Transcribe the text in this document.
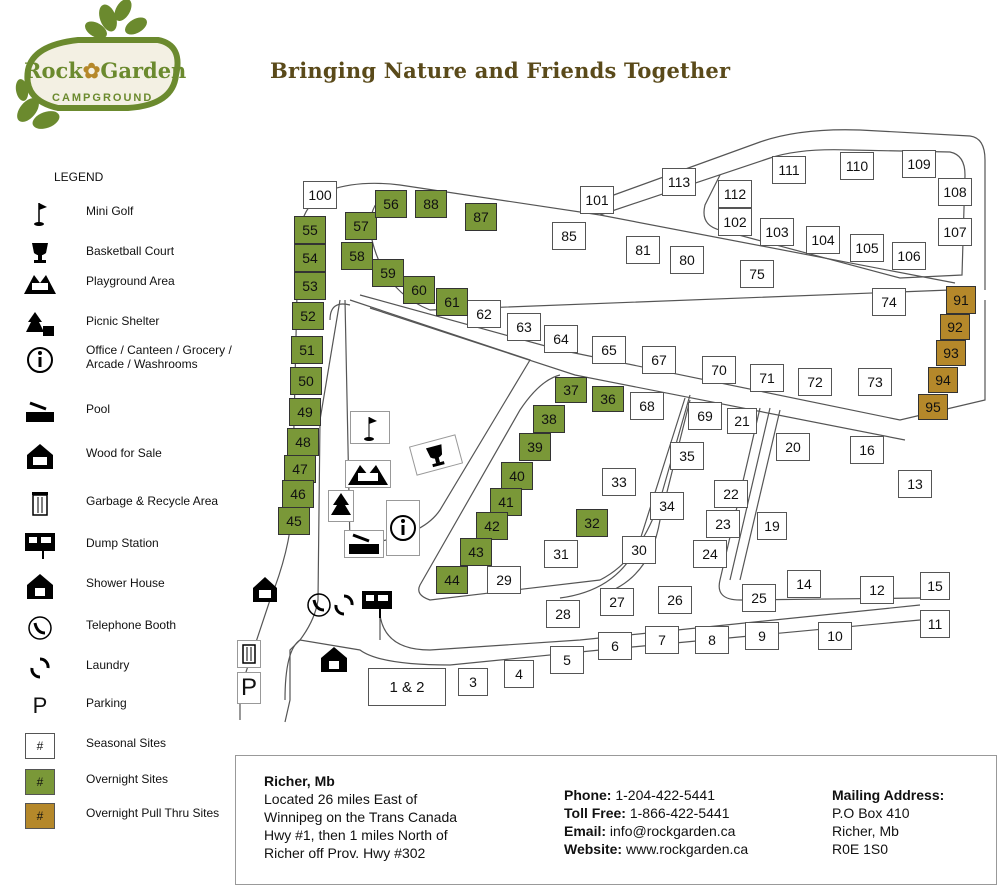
Rock✿Garden
CAMPGROUND
Bringing Nature and Friends Together
LEGEND
Mini Golf
Basketball Court
Playground Area
Picnic Shelter
Office / Canteen / Grocery / Arcade / Washrooms
Pool
Wood for Sale
Garbage & Recycle Area
Dump Station
Shower House
Telephone Booth
Laundry
P	Parking
#	Seasonal Sites
#	Overnight Sites
#	Overnight Pull Thru Sites
100	101
113
112
111	110	109
108
102
103	104	105	106
107
85
81
80
75
74
62
63
64
65
67
70	71	72	73
68
69	21
20	16
35
33
34
22
23	19
13
31	30	24
29	14
25	12	15
28
27	26
11
10
9
8
7
6
5
4
3
1 & 2
55
54
53
52
51
50
49
48
47
46
45
57
56	88
87
58
59
60
61
37
36
38
39
40
41
42
43
44
32
91
92
93
94
95
P
Richer, Mb
Located 26 miles East of
Winnipeg on the Trans Canada
Hwy #1, then 1 miles North of
Richer off Prov. Hwy #302
Phone: 1-204-422-5441
Toll Free: 1-866-422-5441
Email: info@rockgarden.ca
Website: www.rockgarden.ca
Mailing Address:
P.O Box 410
Richer, Mb
R0E 1S0
